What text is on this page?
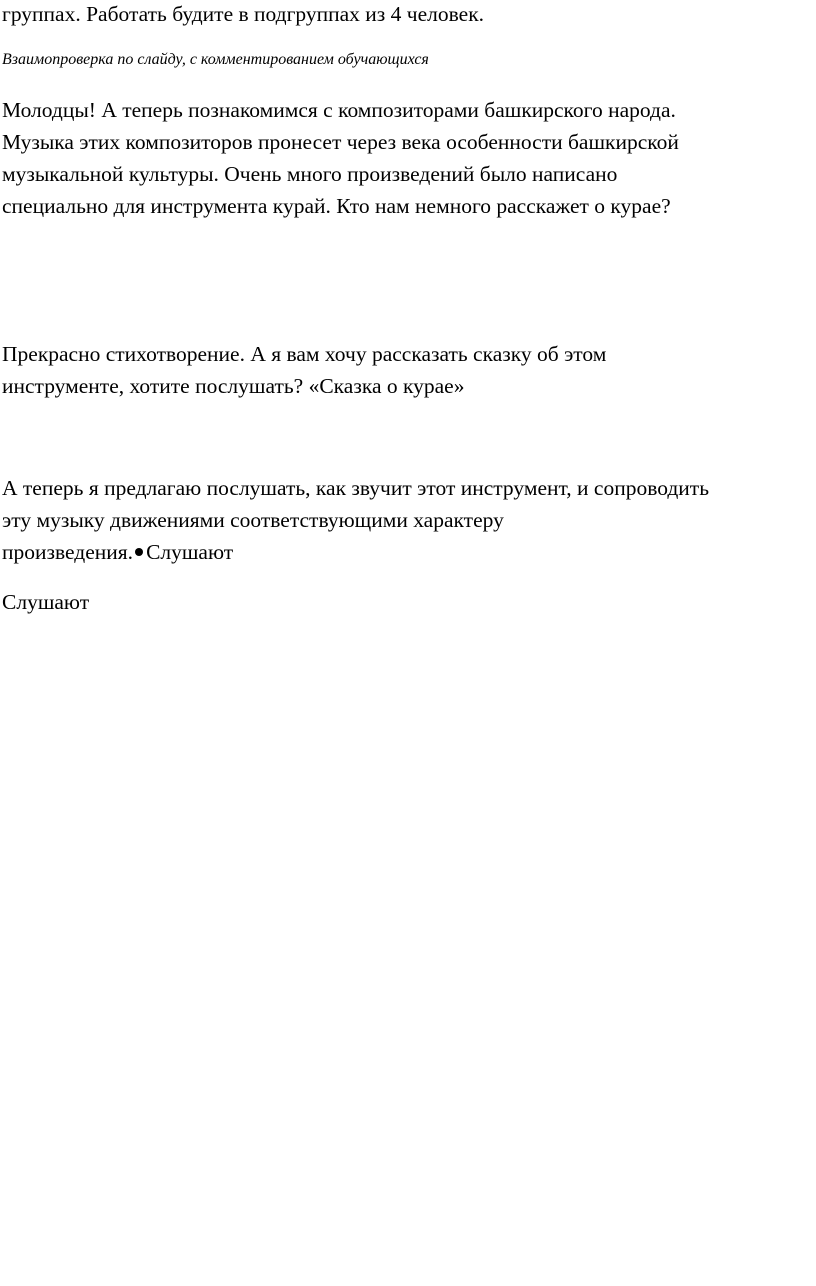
группах. Работать будите в подгруппах из 4 человек.

Взаимопроверка по слайду, с комментированием обучающихся

Молодцы! А теперь познакомимся с композиторами башкирского народа.
Музыка этих композиторов пронесет через века особенности башкирской
музыкальной культуры. Очень много произведений было написано
специально для инструмента курай. Кто нам немного расскажет о курае?

Прекрасно стихотворение. А я вам хочу рассказать сказку об этом
инструменте, хотите послушать? «Сказка о курае»

А теперь я предлагаю послушать, как звучит этот инструмент, и сопроводить
эту музыку движениями соответствующими характеру
произведения. Слушают

Слушают
